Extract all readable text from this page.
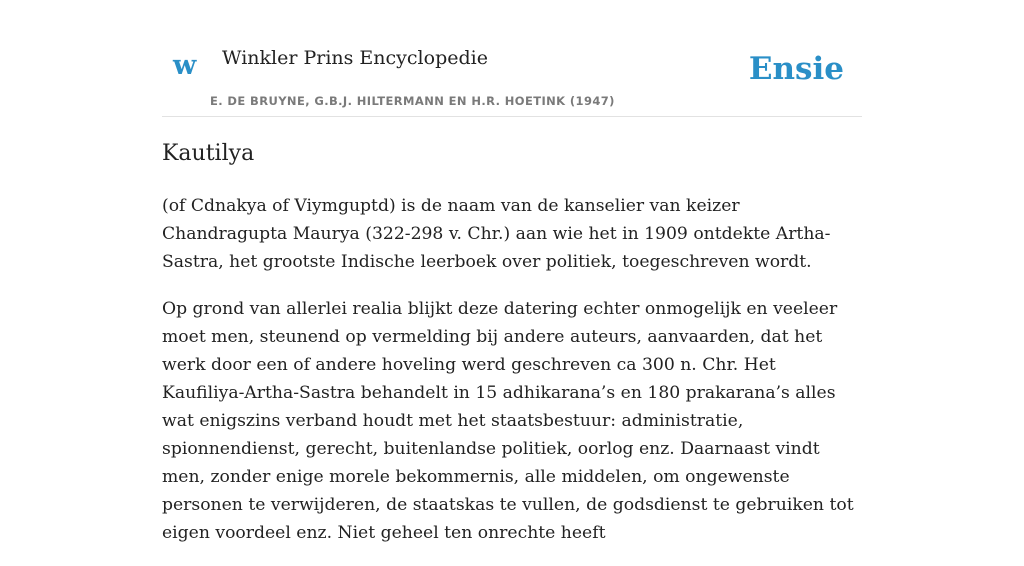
w Winkler Prins Encyclopedie
E. DE BRUYNE, G.B.J. HILTERMANN EN H.R. HOETINK (1947)
Ensie
Kautilya

(of Cdnakya of Viymguptd) is de naam van de kanselier van keizer Chandragupta Maurya (322-298 v. Chr.) aan wie het in 1909 ontdekte Artha-Sastra, het grootste Indische leerboek over politiek, toegeschreven wordt.

Op grond van allerlei realia blijkt deze datering echter onmogelijk en veeleer moet men, steunend op vermelding bij andere auteurs, aanvaarden, dat het werk door een of andere hoveling werd geschreven ca 300 n. Chr. Het Kaufiliya-Artha-Sastra behandelt in 15 adhikarana’s en 180 prakarana’s alles wat enigszins verband houdt met het staatsbestuur: administratie, spionnendienst, gerecht, buitenlandse politiek, oorlog enz. Daarnaast vindt men, zonder enige morele bekommernis, alle middelen, om ongewenste personen te verwijderen, de staatskas te vullen, de godsdienst te gebruiken tot eigen voordeel enz. Niet geheel ten onrechte heeft
